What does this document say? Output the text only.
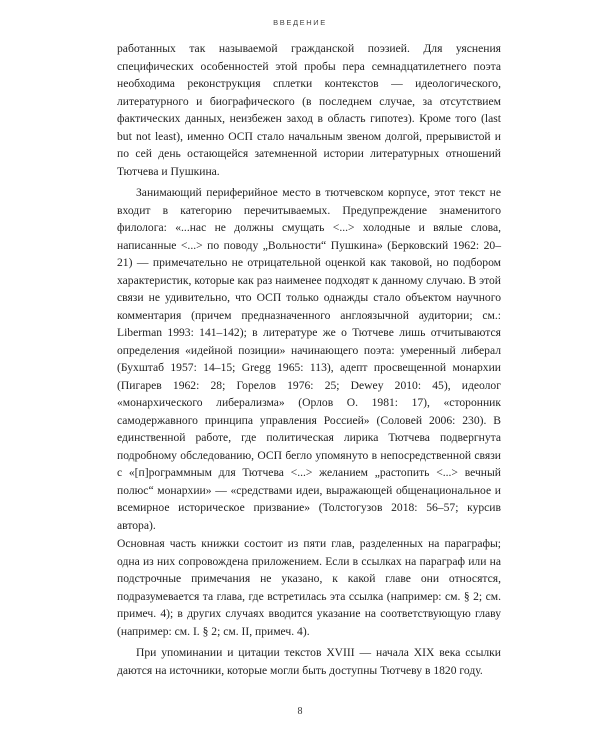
ВВЕДЕНИЕ

работанных так называемой гражданской поэзией. Для уяснения специфических особенностей этой пробы пера семнадцатилетнего поэта необходима реконструкция сплетки контекстов — идеологического, литературного и биографического (в последнем случае, за отсутствием фактических данных, неизбежен заход в область гипотез). Кроме того (last but not least), именно ОСП стало начальным звеном долгой, прерывистой и по сей день остающейся затемненной истории литературных отношений Тютчева и Пушкина.

Занимающий периферийное место в тютчевском корпусе, этот текст не входит в категорию перечитываемых. Предупреждение знаменитого филолога: «...нас не должны смущать <...> холодные и вялые слова, написанные <...> по поводу „Вольности“ Пушкина» (Берковский 1962: 20–21) — примечательно не отрицательной оценкой как таковой, но подбором характеристик, которые как раз наименее подходят к данному случаю. В этой связи не удивительно, что ОСП только однажды стало объектом научного комментария (причем предназначенного англоязычной аудитории; см.: Liberman 1993: 141–142); в литературе же о Тютчеве лишь отчитываются определения «идейной позиции» начинающего поэта: умеренный либерал (Бухштаб 1957: 14–15; Gregg 1965: 113), адепт просвещенной монархии (Пигарев 1962: 28; Горелов 1976: 25; Dewey 2010: 45), идеолог «монархического либерализма» (Орлов О. 1981: 17), «сторонник самодержавного принципа управления Россией» (Соловей 2006: 230). В единственной работе, где политическая лирика Тютчева подвергнута подробному обследованию, ОСП бегло упомянуто в непосредственной связи с «[п]рограммным для Тютчева <...> желанием „растопить <...> вечный полюс“ монархии» — «средствами идеи, выражающей общенациональное и всемирное историческое призвание» (Толстогузов 2018: 56–57; курсив автора).

Основная часть книжки состоит из пяти глав, разделенных на параграфы; одна из них сопровождена приложением. Если в ссылках на параграф или на подстрочные примечания не указано, к какой главе они относятся, подразумевается та глава, где встретилась эта ссылка (например: см. § 2; см. примеч. 4); в других случаях вводится указание на соответствующую главу (например: см. I. § 2; см. II, примеч. 4).

При упоминании и цитации текстов XVIII — начала XIX века ссылки даются на источники, которые могли быть доступны Тютчеву в 1820 году.

8
